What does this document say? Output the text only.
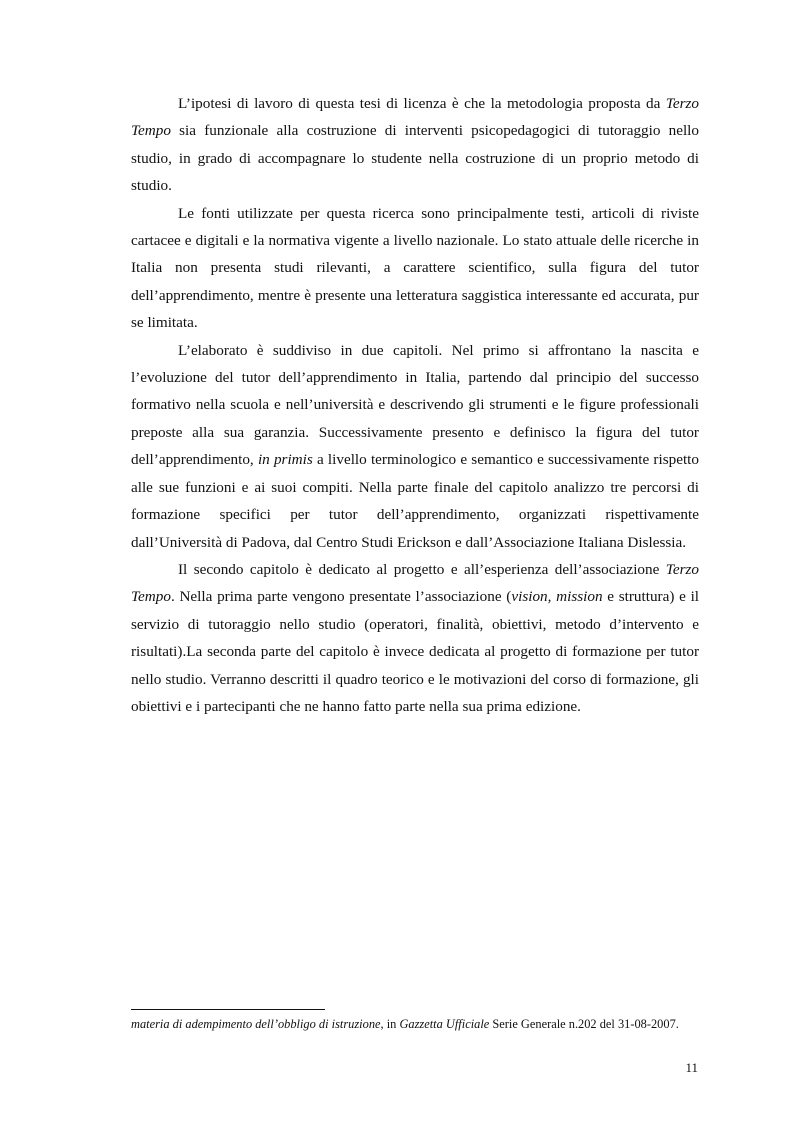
L’ipotesi di lavoro di questa tesi di licenza è che la metodologia proposta da Terzo Tempo sia funzionale alla costruzione di interventi psicopedagogici di tutoraggio nello studio, in grado di accompagnare lo studente nella costruzione di un proprio metodo di studio.

Le fonti utilizzate per questa ricerca sono principalmente testi, articoli di riviste cartacee e digitali e la normativa vigente a livello nazionale. Lo stato attuale delle ricerche in Italia non presenta studi rilevanti, a carattere scientifico, sulla figura del tutor dell’apprendimento, mentre è presente una letteratura saggistica interessante ed accurata, pur se limitata.

L’elaborato è suddiviso in due capitoli. Nel primo si affrontano la nascita e l’evoluzione del tutor dell’apprendimento in Italia, partendo dal principio del successo formativo nella scuola e nell’università e descrivendo gli strumenti e le figure professionali preposte alla sua garanzia. Successivamente presento e definisco la figura del tutor dell’apprendimento, in primis a livello terminologico e semantico e successivamente rispetto alle sue funzioni e ai suoi compiti. Nella parte finale del capitolo analizzo tre percorsi di formazione specifici per tutor dell’apprendimento, organizzati rispettivamente dall’Università di Padova, dal Centro Studi Erickson e dall’Associazione Italiana Dislessia.

Il secondo capitolo è dedicato al progetto e all’esperienza dell’associazione Terzo Tempo. Nella prima parte vengono presentate l’associazione (vision, mission e struttura) e il servizio di tutoraggio nello studio (operatori, finalità, obiettivi, metodo d’intervento e risultati).La seconda parte del capitolo è invece dedicata al progetto di formazione per tutor nello studio. Verranno descritti il quadro teorico e le motivazioni del corso di formazione, gli obiettivi e i partecipanti che ne hanno fatto parte nella sua prima edizione.

materia di adempimento dell’obbligo di istruzione, in Gazzetta Ufficiale Serie Generale n.202 del 31-08-2007.

11
